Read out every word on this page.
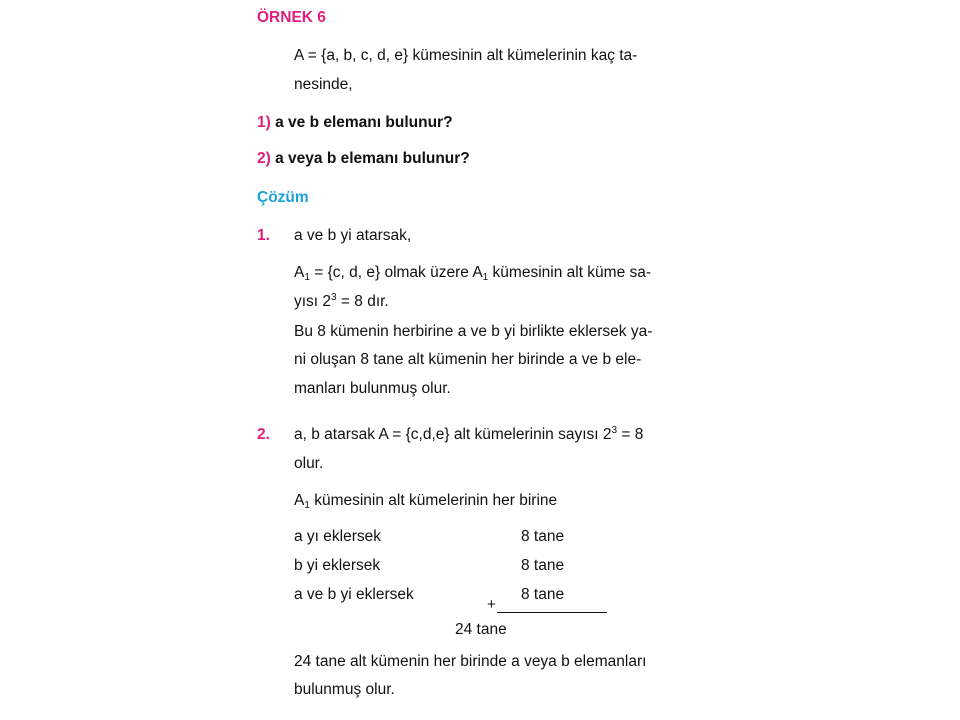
ÖRNEK 6
A = {a, b, c, d, e} kümesinin alt kümelerinin kaç ta-
nesinde,
1) a ve b elemanı bulunur?
2) a veya b elemanı bulunur?
Çözüm
1. a ve b yi atarsak,
$A_1 = \{c$, d, e} olmak üzere $A_1$ kümesinin alt küme sa-
yısı $2^3 = 8$ dır.
Bu 8 kümenin herbirine a ve b yi birlikte eklersek ya-
ni oluşan 8 tane alt kümenin her birinde a ve b ele-
manları bulunmuş olur.
2. a, b atarsak A = {c,d,e} alt kümelerinin sayısı $2^3 = 8$
olur.
$A_1$ kümesinin alt kümelerinin her birine
a yı eklersek	8 tane
b yi eklersek	8 tane
a ve b yi eklersek	8 tane
+
24 tane
24 tane alt kümenin her birinde a veya b elemanları
bulunmuş olur.
